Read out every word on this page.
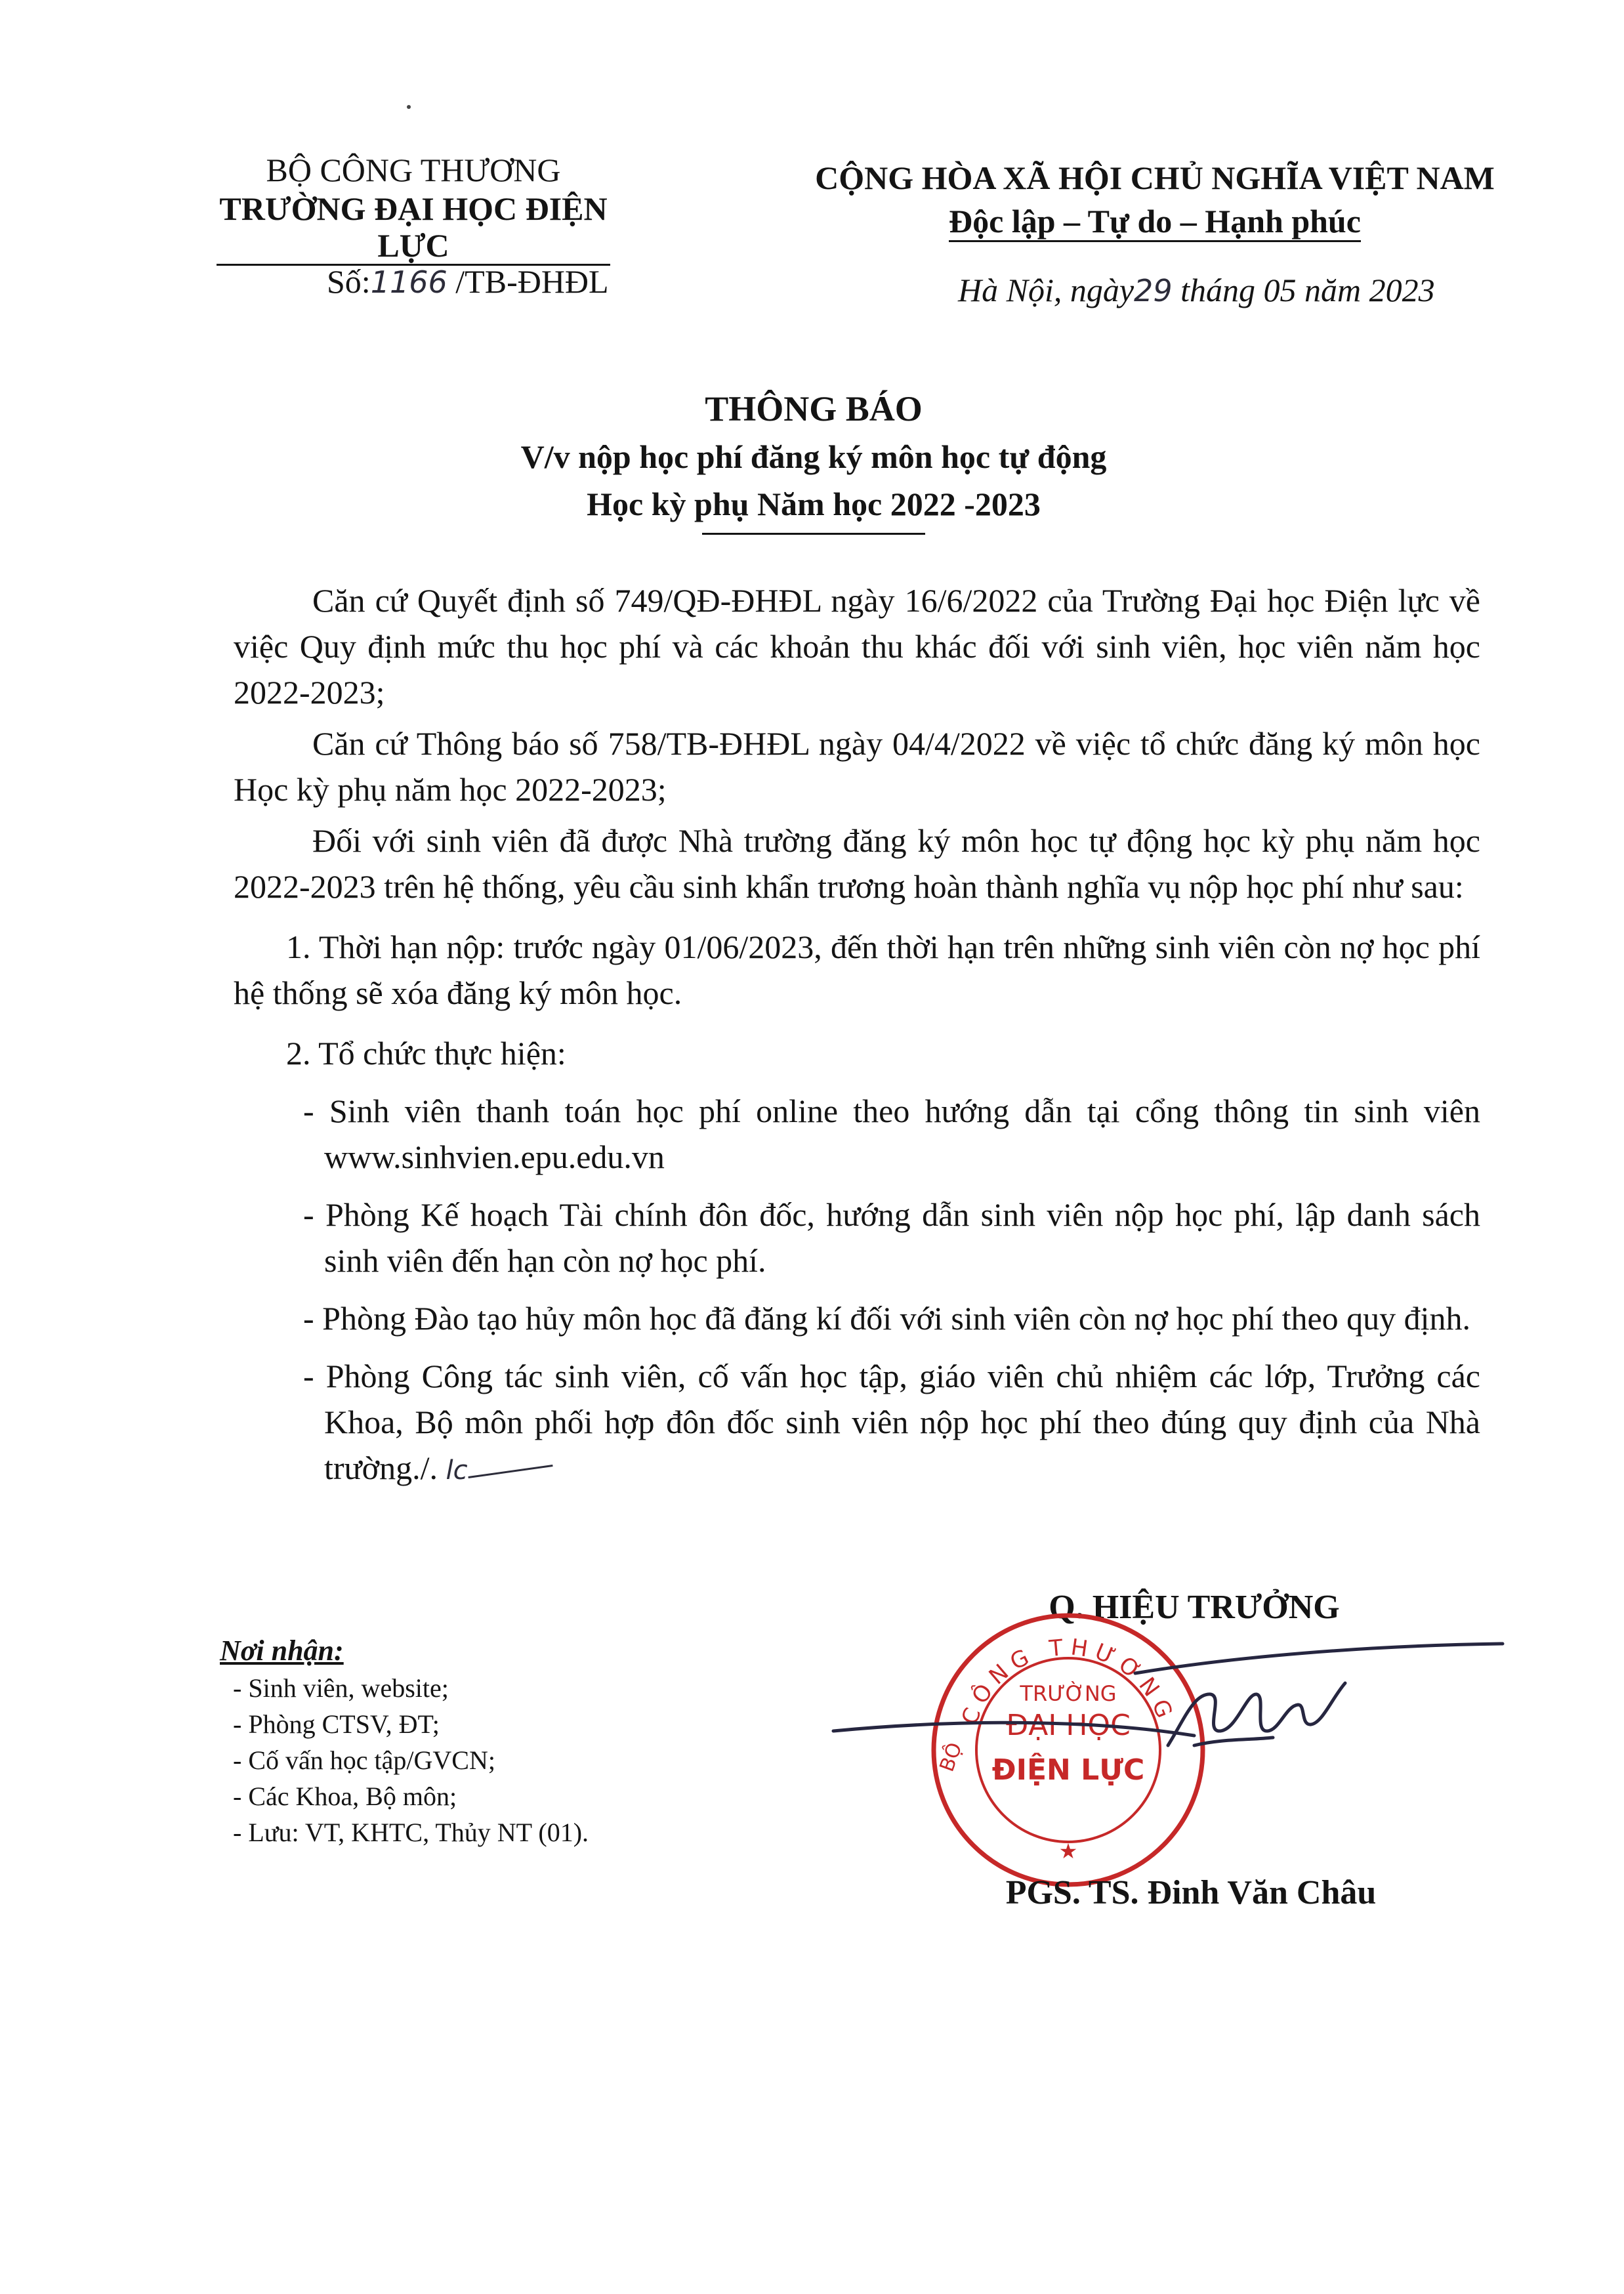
BỘ CÔNG THƯƠNG
TRƯỜNG ĐẠI HỌC ĐIỆN LỰC
CỘNG HÒA XÃ HỘI CHỦ NGHĨA VIỆT NAM
Độc lập – Tự do – Hạnh phúc
Số:1166 /TB-ĐHĐL	Hà Nội, ngày29 tháng 05 năm 2023
THÔNG BÁO
V/v nộp học phí đăng ký môn học tự động
Học kỳ phụ Năm học 2022 -2023

Căn cứ Quyết định số 749/QĐ-ĐHĐL ngày 16/6/2022 của Trường Đại học Điện lực về việc Quy định mức thu học phí và các khoản thu khác đối với sinh viên, học viên năm học 2022-2023;

Căn cứ Thông báo số 758/TB-ĐHĐL ngày 04/4/2022 về việc tổ chức đăng ký môn học Học kỳ phụ năm học 2022-2023;

Đối với sinh viên đã được Nhà trường đăng ký môn học tự động học kỳ phụ năm học 2022-2023 trên hệ thống, yêu cầu sinh khẩn trương hoàn thành nghĩa vụ nộp học phí như sau:

1. Thời hạn nộp: trước ngày 01/06/2023, đến thời hạn trên những sinh viên còn nợ học phí hệ thống sẽ xóa đăng ký môn học.

2. Tổ chức thực hiện:

- Sinh viên thanh toán học phí online theo hướng dẫn tại cổng thông tin sinh viên www.sinhvien.epu.edu.vn

- Phòng Kế hoạch Tài chính đôn đốc, hướng dẫn sinh viên nộp học phí, lập danh sách sinh viên đến hạn còn nợ học phí.

- Phòng Đào tạo hủy môn học đã đăng kí đối với sinh viên còn nợ học phí theo quy định.

- Phòng Công tác sinh viên, cố vấn học tập, giáo viên chủ nhiệm các lớp, Trưởng các Khoa, Bộ môn phối hợp đôn đốc sinh viên nộp học phí theo đúng quy định của Nhà trường./. lc

Nơi nhận:
- Sinh viên, website;
- Phòng CTSV, ĐT;
- Cố vấn học tập/GVCN;
- Các Khoa, Bộ môn;
- Lưu: VT, KHTC, Thủy NT (01).
Q. HIỆU TRƯỞNG
CÔNG THƯƠNG
BỘ
TRƯỜNG
ĐẠI HỌC
ĐIỆN LỰC
★
PGS. TS. Đinh Văn Châu
